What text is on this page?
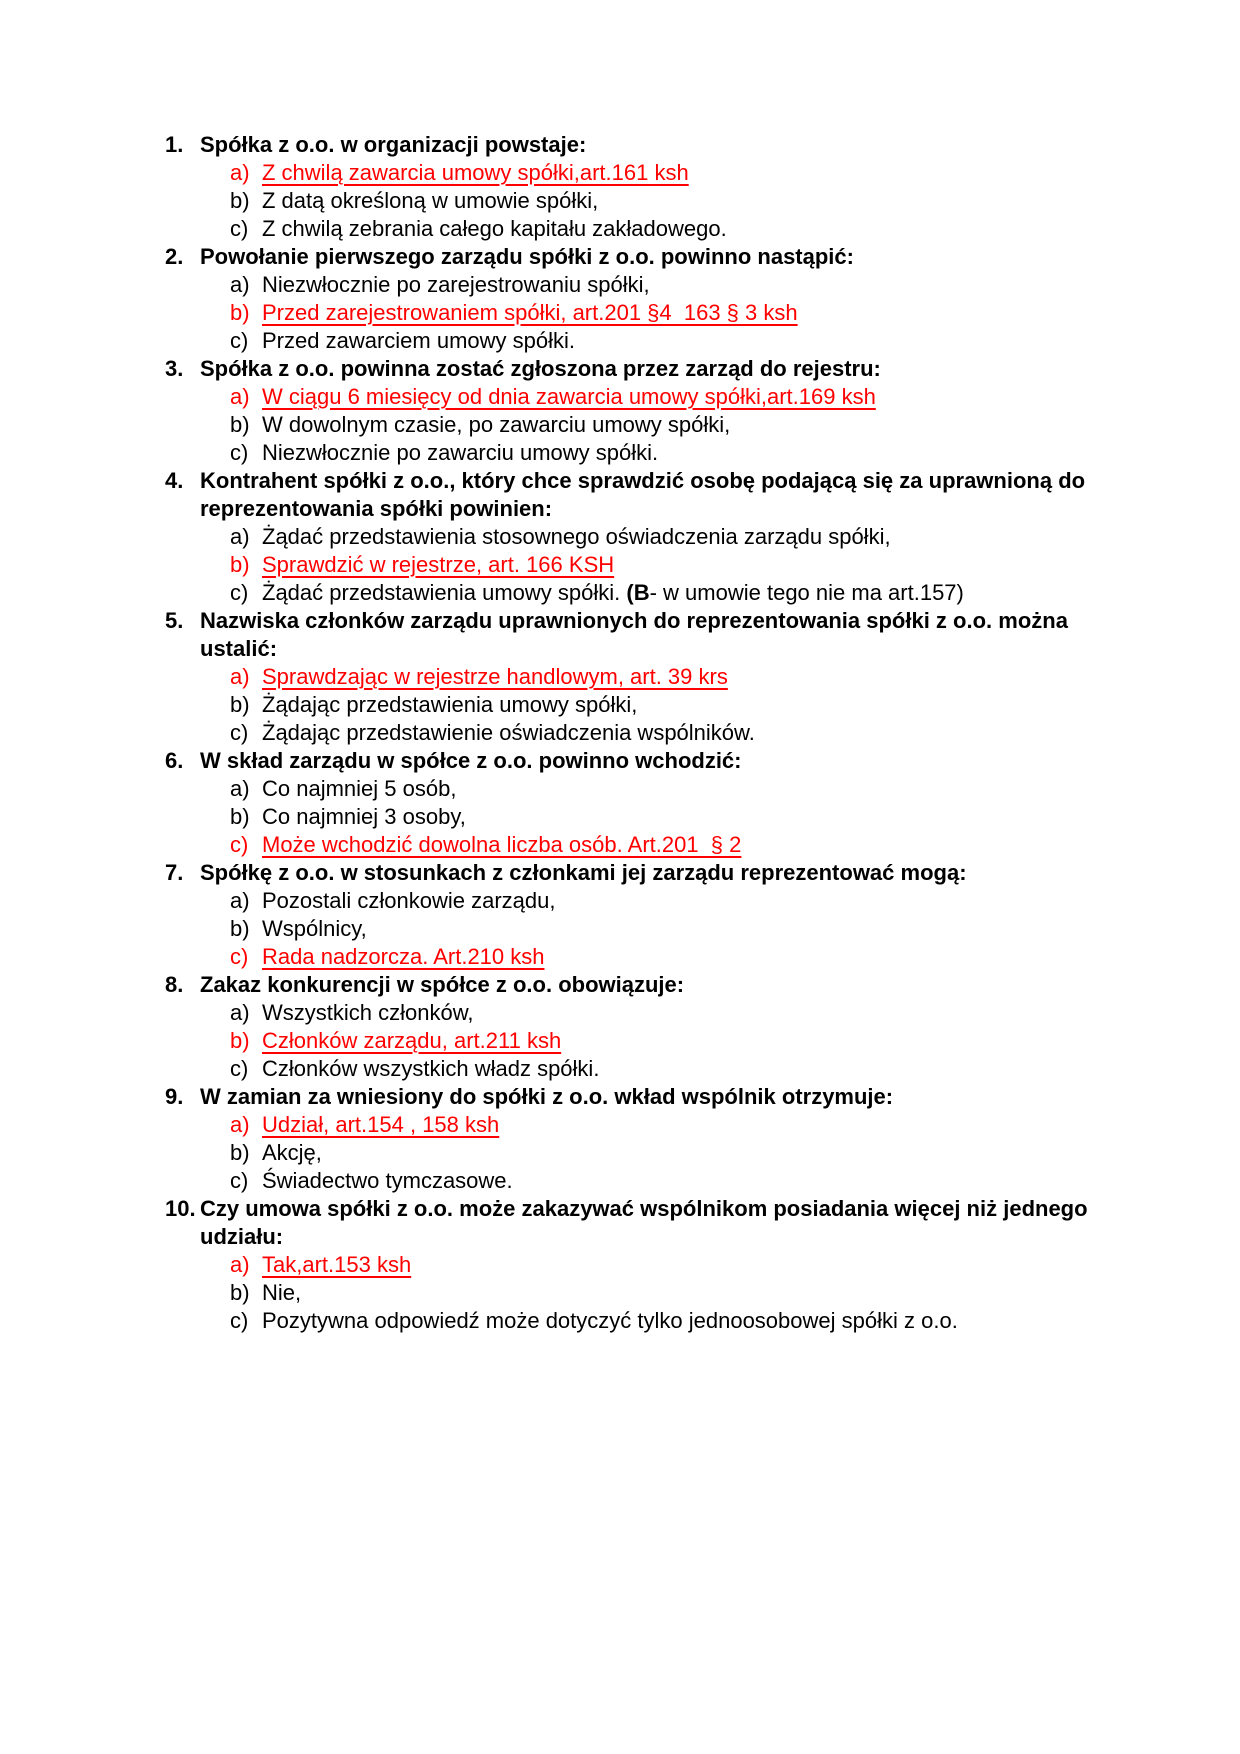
1. Spółka z o.o. w organizacji powstaje:
a) Z chwilą zawarcia umowy spółki,art.161 ksh
b) Z datą określoną w umowie spółki,
c) Z chwilą zebrania całego kapitału zakładowego.
2. Powołanie pierwszego zarządu spółki z o.o. powinno nastąpić:
a) Niezwłocznie po zarejestrowaniu spółki,
b) Przed zarejestrowaniem spółki, art.201 §4  163 § 3 ksh
c) Przed zawarciem umowy spółki.
3. Spółka z o.o. powinna zostać zgłoszona przez zarząd do rejestru:
a) W ciągu 6 miesięcy od dnia zawarcia umowy spółki,art.169 ksh
b) W dowolnym czasie, po zawarciu umowy spółki,
c) Niezwłocznie po zawarciu umowy spółki.
4. Kontrahent spółki z o.o., który chce sprawdzić osobę podającą się za uprawnioną do reprezentowania spółki powinien:
a) Żądać przedstawienia stosownego oświadczenia zarządu spółki,
b) Sprawdzić w rejestrze, art. 166 KSH
c) Żądać przedstawienia umowy spółki. (B- w umowie tego nie ma art.157)
5. Nazwiska członków zarządu uprawnionych do reprezentowania spółki z o.o. można ustalić:
a) Sprawdzając w rejestrze handlowym, art. 39 krs
b) Żądając przedstawienia umowy spółki,
c) Żądając przedstawienie oświadczenia wspólników.
6. W skład zarządu w spółce z o.o. powinno wchodzić:
a) Co najmniej 5 osób,
b) Co najmniej 3 osoby,
c) Może wchodzić dowolna liczba osób. Art.201  § 2
7. Spółkę z o.o. w stosunkach z członkami jej zarządu reprezentować mogą:
a) Pozostali członkowie zarządu,
b) Wspólnicy,
c) Rada nadzorcza. Art.210 ksh
8. Zakaz konkurencji w spółce z o.o. obowiązuje:
a) Wszystkich członków,
b) Członków zarządu, art.211 ksh
c) Członków wszystkich władz spółki.
9. W zamian za wniesiony do spółki z o.o. wkład wspólnik otrzymuje:
a) Udział, art.154 , 158 ksh
b) Akcję,
c) Świadectwo tymczasowe.
10. Czy umowa spółki z o.o. może zakazywać wspólnikom posiadania więcej niż jednego udziału:
a) Tak,art.153 ksh
b) Nie,
c) Pozytywna odpowiedź może dotyczyć tylko jednoosobowej spółki z o.o.
